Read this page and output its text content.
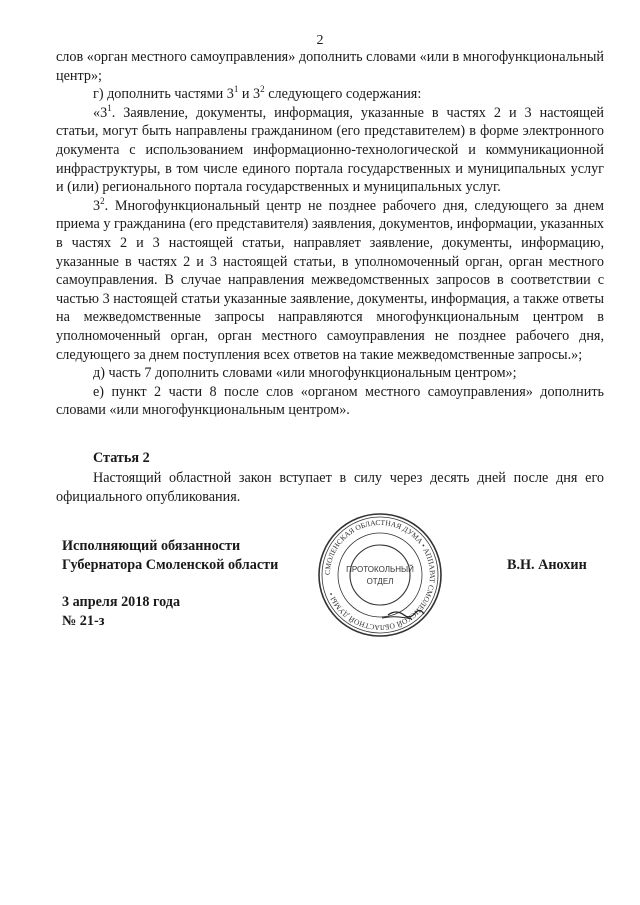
2

слов «орган местного самоуправления» дополнить словами «или в многофункциональный центр»;

г) дополнить частями $3^1$ и $3^2$ следующего содержания:

«$3^1$. Заявление, документы, информация, указанные в частях 2 и 3 настоящей статьи, могут быть направлены гражданином (его представителем) в форме электронного документа с использованием информационно-технологической и коммуникационной инфраструктуры, в том числе единого портала государственных и муниципальных услуг и (или) регионального портала государственных и муниципальных услуг.

$3^2$. Многофункциональный центр не позднее рабочего дня, следующего за днем приема у гражданина (его представителя) заявления, документов, информации, указанных в частях 2 и 3 настоящей статьи, направляет заявление, документы, информацию, указанные в частях 2 и 3 настоящей статьи, в уполномоченный орган, орган местного самоуправления. В случае направления межведомственных запросов в соответствии с частью 3 настоящей статьи указанные заявление, документы, информация, а также ответы на межведомственные запросы направляются многофункциональным центром в уполномоченный орган, орган местного самоуправления не позднее рабочего дня, следующего за днем поступления всех ответов на такие межведомственные запросы.»;

д) часть 7 дополнить словами «или многофункциональным центром»;

е) пункт 2 части 8 после слов «органом местного самоуправления» дополнить словами «или многофункциональным центром».

Статья 2
Настоящий областной закон вступает в силу через десять дней после дня его официального опубликования.
Исполняющий обязанности
Губернатора Смоленской области	В.Н. Анохин
3 апреля 2018 года
№ 21-з
СМОЛЕНСКАЯ ОБЛАСТНАЯ ДУМА • АППАРАТ СМОЛЕНСКОЙ ОБЛАСТНОЙ ДУМЫ •
ПРОТОКОЛЬНЫЙ
ОТДЕЛ
